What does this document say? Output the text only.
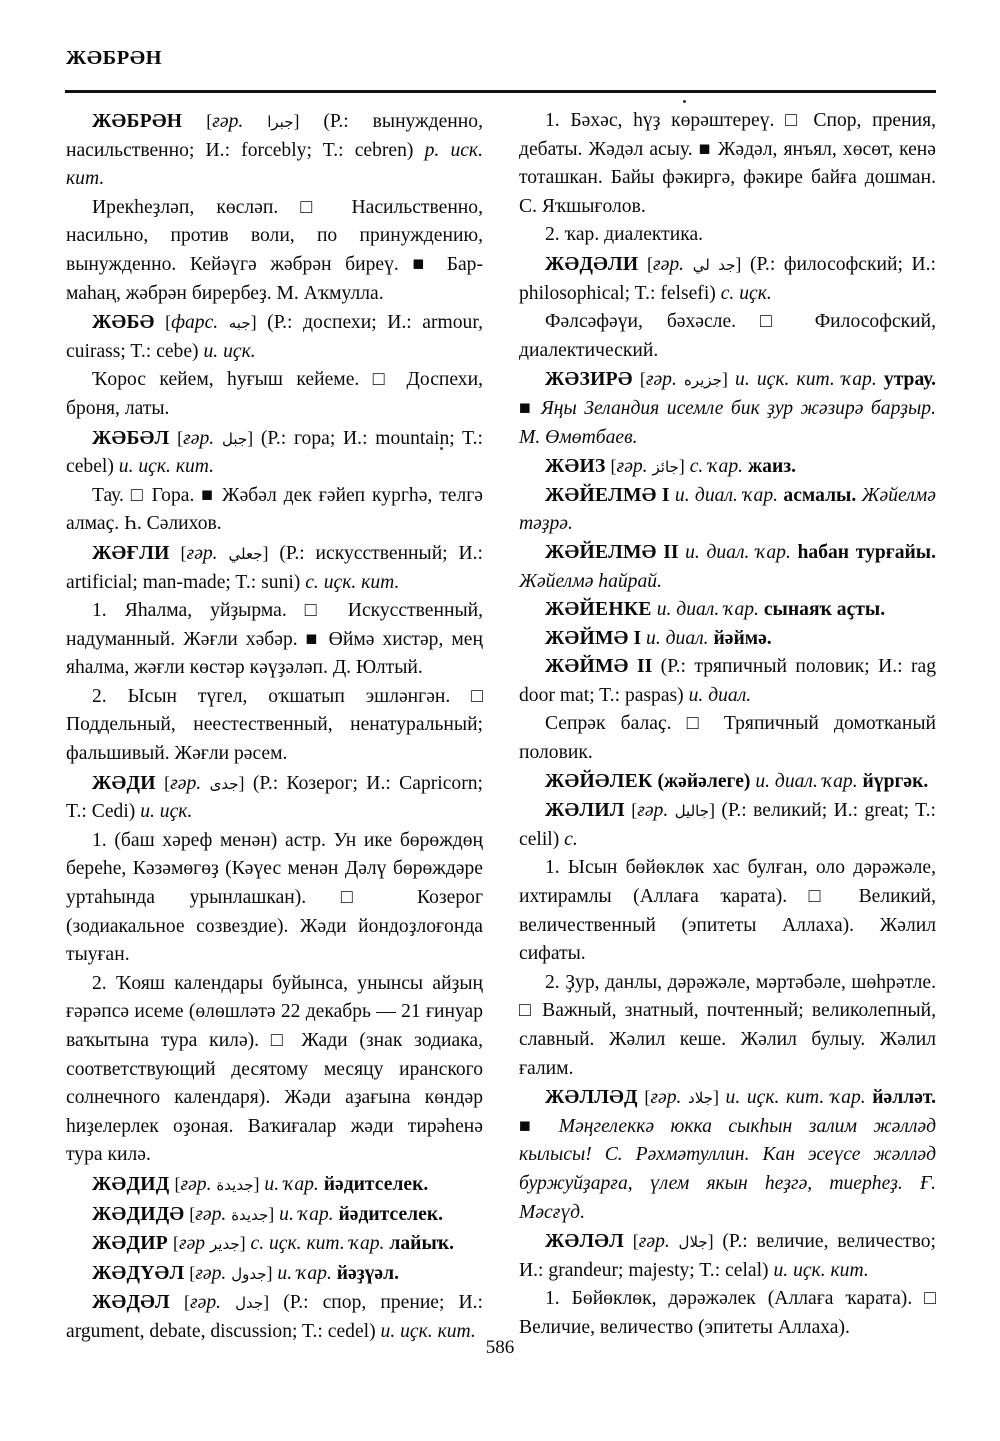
ЖӘБРӘН

ЖӘБРӘН [ғәр. جبرا] (Р.: вынужденно, насильственно; И.: forcebly; T.: cebren) р. ucк. кит.

Ирекһеҙләп, көсләп. □ Насильственно, насильно, против воли, по принуждению, вынужденно. Кейәүгә жәбрән биреү. ■ Бар-маһаң, жәбрән бирербеҙ. М. Аҡмулла.

ЖӘБӘ [фарс. جبه] (Р.: доспехи; И.: armour, cuirass; T.: cebe) и. иҫк.

Ҡорос кейем, һуғыш кейеме. □ Доспехи, броня, латы.

ЖӘБӘЛ [ғәр. جبل] (Р.: гора; И.: mountain; T.: cebel) и. иҫк. кит.

Тау. □ Гора. ■ Жәбәл дек ғәйеп кургһә, телгә алмаҫ. Һ. Сәлихов.

ЖӘҒЛИ [ғәр. جعلي] (Р.: искусственный; И.: artificial; man-made; T.: suni) с. иҫк. кит.

1. Яһалма, уйҙырма. □ Искусственный, надуманный. Жәғли хәбәр. ■ Өймә хистәр, мең яһалма, жәғли көстәр кәүҙәләп. Д. Юлтый.

2. Ысын түгел, оҡшатып эшләнгән. □ Поддельный, неестественный, ненатуральный; фальшивый. Жәғли рәсем.

ЖӘДИ [ғәр. جدى] (Р.: Козерог; И.: Capricorn; T.: Cedi) и. иҫк.

1. (баш хәреф менән) астр. Ун ике бөрөждөң береһе, Кәзәмөгөҙ (Кәүес менән Дәлү бөрөждәре уртаһында урынлашкан). □ Козерог (зодиакальное созвездие). Жәди йондоҙлоғонда тыуған.

2. Ҡояш календары буйынса, унынсы айҙың ғәрәпсә исеме (өлөшләтә 22 декабрь — 21 ғинуар ваҡытына тура килә). □ Жади (знак зодиака, соответствующий десятому месяцу иранского солнечного календаря). Жәди аҙағына көндәр һиҙелерлек оҙоная. Ваҡиғалар жәди тирәһенә тура килә.

ЖӘДИД [ғәр. جديدة] и. ҡар. йәдитселек.

ЖӘДИДӘ [ғәр. جديدة] и. ҡар. йәдитселек.

ЖӘДИР [ғәр جدير] с. иҫк. кит. ҡар. лайыҡ.

ЖӘДҮӘЛ [ғәр. جدول] и. ҡар. йәҙүәл.

ЖӘДӘЛ [ғәр. جدل] (Р.: спор, прение; И.: argument, debate, discussion; T.: cedel) и. иҫк. кит.

1. Бәхәс, һүҙ көрәштереү. □ Спор, прения, дебаты. Жәдәл асыу. ■ Жәдәл, янъял, хөсөт, кенә тоташкан. Байы фәкиргә, фәкире байға дошман. С. Яҡшығолов.

2. ҡар. диалектика.

ЖӘДӘЛИ [ғәр. جد لي] (Р.: философский; И.: philosophical; T.: felsefi) с. иҫк.

Фәлсәфәүи, бәхәсле. □ Философский, диалектический.

ЖӘЗИРӘ [ғәр. جزيره] и. иҫк. кит. ҡар. утрау. ■ Яңы Зеландия исемле бик ҙур жәзирә барҙыр. М. Өмөтбаев.

ЖӘИЗ [ғәр. جائز] с. ҡар. жаиз.

ЖӘЙЕЛМӘ I и. диал. ҡар. асмалы. Жәйелмә тәҙрә.

ЖӘЙЕЛМӘ II и. диал. ҡар. һабан турғайы. Жәйелмә һайрай.

ЖӘЙЕНКЕ и. диал. ҡар. сынаяҡ аҫты.

ЖӘЙМӘ I и. диал. йәймә.

ЖӘЙМӘ II (Р.: тряпичный половик; И.: rag door mat; T.: paspas) и. диал.

Сепрәк балаҫ. □ Тряпичный домотканый половик.

ЖӘЙӘЛЕК (жәйәлеге) и. диал. ҡар. йүргәк.

ЖӘЛИЛ [ғәр. جاليل] (Р.: великий; И.: great; T.: celil) с.

1. Ысын бөйөклөк хас булған, оло дәрәжәле, ихтирамлы (Аллаға ҡарата). □ Великий, величественный (эпитеты Аллаха). Жәлил сифаты.

2. Ҙур, данлы, дәрәжәле, мәртәбәле, шөһрәтле. □ Важный, знатный, почтенный; великолепный, славный. Жәлил кеше. Жәлил булыу. Жәлил ғалим.

ЖӘЛЛӘД [ғәр. جلاد] и. иҫк. кит. ҡар. йәлләт. ■ Мәңгелеккә юкка сыкһын залим жәлләд кылысы! С. Рәхмәтуллин. Кан эсеүсе жәлләд буржуйҙарға, үлем якын һеҙгә, тиерһеҙ. Ғ. Мәсғүд.

ЖӘЛӘЛ [ғәр. جلال] (Р.: величие, величество; И.: grandeur; majesty; T.: celal) и. иҫк. кит.

1. Бөйөклөк, дәрәжәлек (Аллаға ҡарата). □ Величие, величество (эпитеты Аллаха).

586
